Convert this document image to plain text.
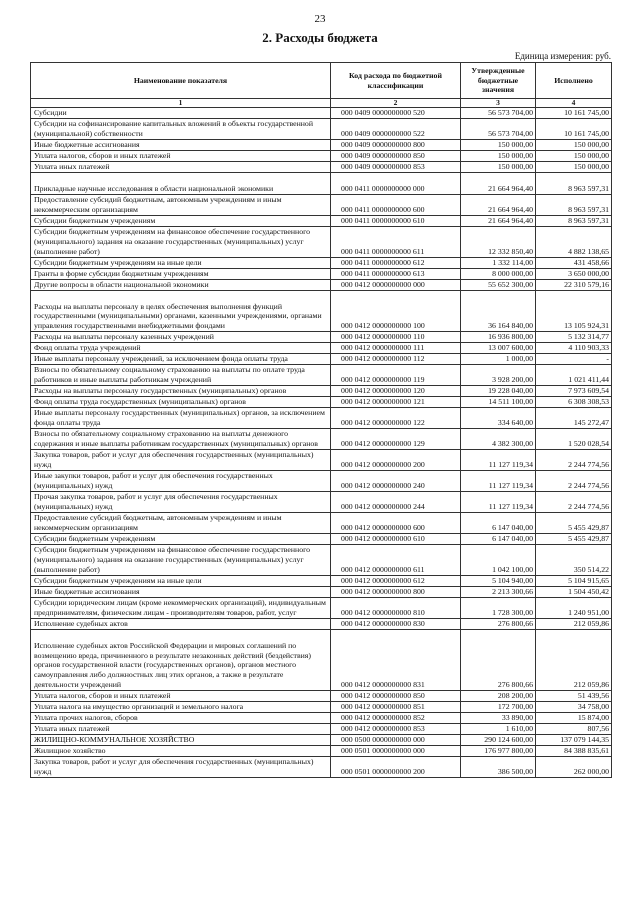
23
2. Расходы бюджета
Единица измерения: руб.
Наименование показателя	Код расхода по бюджетной классификации	Утвержденные бюджетные значения	Исполнено
1	2	3	4
Субсидии	000 0409 0000000000 520	56 573 704,00	10 161 745,00
Субсидии на софинансирование капитальных вложений в объекты государственной (муниципальной) собственности	000 0409 0000000000 522	56 573 704,00	10 161 745,00
Иные бюджетные ассигнования	000 0409 0000000000 800	150 000,00	150 000,00
Уплата налогов, сборов и иных платежей	000 0409 0000000000 850	150 000,00	150 000,00
Уплата иных платежей	000 0409 0000000000 853	150 000,00	150 000,00
Прикладные научные исследования в области национальной экономики	000 0411 0000000000 000	21 664 964,40	8 963 597,31
Предоставление субсидий бюджетным, автономным учреждениям и иным некоммерческим организациям	000 0411 0000000000 600	21 664 964,40	8 963 597,31
Субсидии бюджетным учреждениям	000 0411 0000000000 610	21 664 964,40	8 963 597,31
Субсидии бюджетным учреждениям на финансовое обеспечение государственного (муниципального) задания на оказание государственных (муниципальных) услуг (выполнение работ)	000 0411 0000000000 611	12 332 850,40	4 882 138,65
Субсидии бюджетным учреждениям на иные цели	000 0411 0000000000 612	1 332 114,00	431 458,66
Гранты в форме субсидии бюджетным учреждениям	000 0411 0000000000 613	8 000 000,00	3 650 000,00
Другие вопросы в области национальной экономики	000 0412 0000000000 000	55 652 300,00	22 310 579,16
Расходы на выплаты персоналу в целях обеспечения выполнения функций государственными (муниципальными) органами, казенными учреждениями, органами управления государственными внебюджетными фондами	000 0412 0000000000 100	36 164 840,00	13 105 924,31
Расходы на выплаты персоналу казенных учреждений	000 0412 0000000000 110	16 936 800,00	5 132 314,77
Фонд оплаты труда учреждений	000 0412 0000000000 111	13 007 600,00	4 110 903,33
Иные выплаты персоналу учреждений, за исключением фонда оплаты труда	000 0412 0000000000 112	1 000,00	-
Взносы по обязательному социальному страхованию на выплаты по оплате труда работников и иные выплаты работникам учреждений	000 0412 0000000000 119	3 928 200,00	1 021 411,44
Расходы на выплаты персоналу государственных (муниципальных) органов	000 0412 0000000000 120	19 228 040,00	7 973 609,54
Фонд оплаты труда государственных (муниципальных) органов	000 0412 0000000000 121	14 511 100,00	6 308 308,53
Иные выплаты персоналу государственных (муниципальных) органов, за исключением фонда оплаты труда	000 0412 0000000000 122	334 640,00	145 272,47
Взносы по обязательному социальному страхованию на выплаты денежного содержания и иные выплаты работникам государственных (муниципальных) органов	000 0412 0000000000 129	4 382 300,00	1 520 028,54
Закупка товаров, работ и услуг для обеспечения государственных (муниципальных) нужд	000 0412 0000000000 200	11 127 119,34	2 244 774,56
Иные закупки товаров, работ и услуг для обеспечения государственных (муниципальных) нужд	000 0412 0000000000 240	11 127 119,34	2 244 774,56
Прочая закупка товаров, работ и услуг для обеспечения государственных (муниципальных) нужд	000 0412 0000000000 244	11 127 119,34	2 244 774,56
Предоставление субсидий бюджетным, автономным учреждениям и иным некоммерческим организациям	000 0412 0000000000 600	6 147 040,00	5 455 429,87
Субсидии бюджетным учреждениям	000 0412 0000000000 610	6 147 040,00	5 455 429,87
Субсидии бюджетным учреждениям на финансовое обеспечение государственного (муниципального) задания на оказание государственных (муниципальных) услуг (выполнение работ)	000 0412 0000000000 611	1 042 100,00	350 514,22
Субсидии бюджетным учреждениям на иные цели	000 0412 0000000000 612	5 104 940,00	5 104 915,65
Иные бюджетные ассигнования	000 0412 0000000000 800	2 213 300,66	1 504 450,42
Субсидии юридическим лицам (кроме некоммерческих организаций), индивидуальным предпринимателям, физическим лицам - производителям товаров, работ, услуг	000 0412 0000000000 810	1 728 300,00	1 240 951,00
Исполнение судебных актов	000 0412 0000000000 830	276 800,66	212 059,86
Исполнение судебных актов Российской Федерации и мировых соглашений по возмещению вреда, причиненного в результате незаконных действий (бездействия) органов государственной власти (государственных органов), органов местного самоуправления либо должностных лиц этих органов, а также в результате деятельности учреждений	000 0412 0000000000 831	276 800,66	212 059,86
Уплата налогов, сборов и иных платежей	000 0412 0000000000 850	208 200,00	51 439,56
Уплата налога на имущество организаций и земельного налога	000 0412 0000000000 851	172 700,00	34 758,00
Уплата прочих налогов, сборов	000 0412 0000000000 852	33 890,00	15 874,00
Уплата иных платежей	000 0412 0000000000 853	1 610,00	807,56
ЖИЛИЩНО-КОММУНАЛЬНОЕ ХОЗЯЙСТВО	000 0500 0000000000 000	290 124 600,00	137 079 144,35
Жилищное хозяйство	000 0501 0000000000 000	176 977 800,00	84 388 835,61
Закупка товаров, работ и услуг для обеспечения государственных (муниципальных) нужд	000 0501 0000000000 200	386 500,00	262 000,00
